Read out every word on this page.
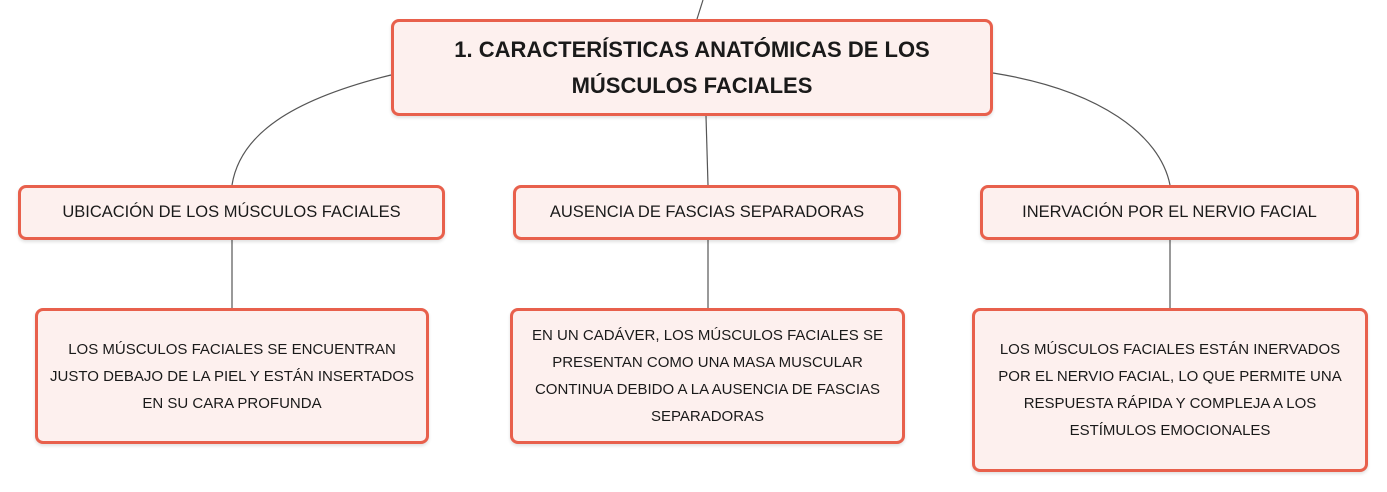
1. CARACTERÍSTICAS ANATÓMICAS DE LOS MÚSCULOS FACIALES
UBICACIÓN DE LOS MÚSCULOS FACIALES	AUSENCIA DE FASCIAS SEPARADORAS	INERVACIÓN POR EL NERVIO FACIAL
LOS MÚSCULOS FACIALES SE ENCUENTRAN JUSTO DEBAJO DE LA PIEL Y ESTÁN INSERTADOS EN SU CARA PROFUNDA
EN UN CADÁVER, LOS MÚSCULOS FACIALES SE PRESENTAN COMO UNA MASA MUSCULAR CONTINUA DEBIDO A LA AUSENCIA DE FASCIAS SEPARADORAS
LOS MÚSCULOS FACIALES ESTÁN INERVADOS POR EL NERVIO FACIAL, LO QUE PERMITE UNA RESPUESTA RÁPIDA Y COMPLEJA A LOS ESTÍMULOS EMOCIONALES
